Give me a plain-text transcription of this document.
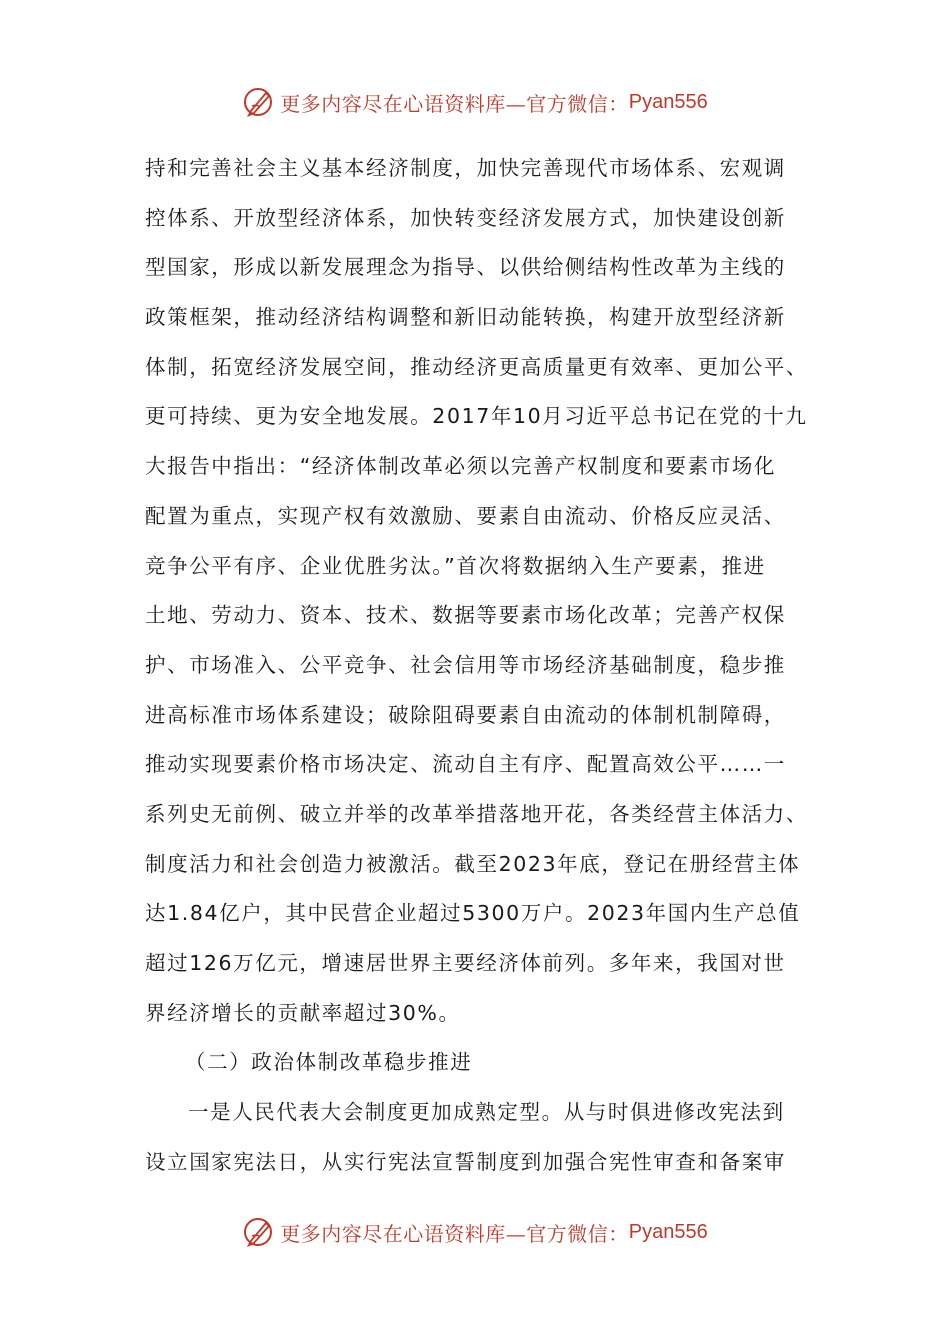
更多内容尽在心语资料库—官方微信： Pyan556
持和完善社会主义基本经济制度，加快完善现代市场体系、宏观调
控体系、开放型经济体系，加快转变经济发展方式，加快建设创新
型国家，形成以新发展理念为指导、以供给侧结构性改革为主线的
政策框架，推动经济结构调整和新旧动能转换，构建开放型经济新
体制，拓宽经济发展空间，推动经济更高质量更有效率、更加公平、
更可持续、更为安全地发展。2017年10月习近平总书记在党的十九
大报告中指出：“经济体制改革必须以完善产权制度和要素市场化
配置为重点，实现产权有效激励、要素自由流动、价格反应灵活、
竞争公平有序、企业优胜劣汰。”首次将数据纳入生产要素，推进
土地、劳动力、资本、技术、数据等要素市场化改革；完善产权保
护、市场准入、公平竞争、社会信用等市场经济基础制度，稳步推
进高标准市场体系建设；破除阻碍要素自由流动的体制机制障碍，
推动实现要素价格市场决定、流动自主有序、配置高效公平……一
系列史无前例、破立并举的改革举措落地开花，各类经营主体活力、
制度活力和社会创造力被激活。截至2023年底，登记在册经营主体
达1.84亿户，其中民营企业超过5300万户。2023年国内生产总值
超过126万亿元，增速居世界主要经济体前列。多年来，我国对世
界经济增长的贡献率超过30%。
（二）政治体制改革稳步推进
一是人民代表大会制度更加成熟定型。从与时俱进修改宪法到
设立国家宪法日，从实行宪法宣誓制度到加强合宪性审查和备案审
更多内容尽在心语资料库—官方微信： Pyan556
